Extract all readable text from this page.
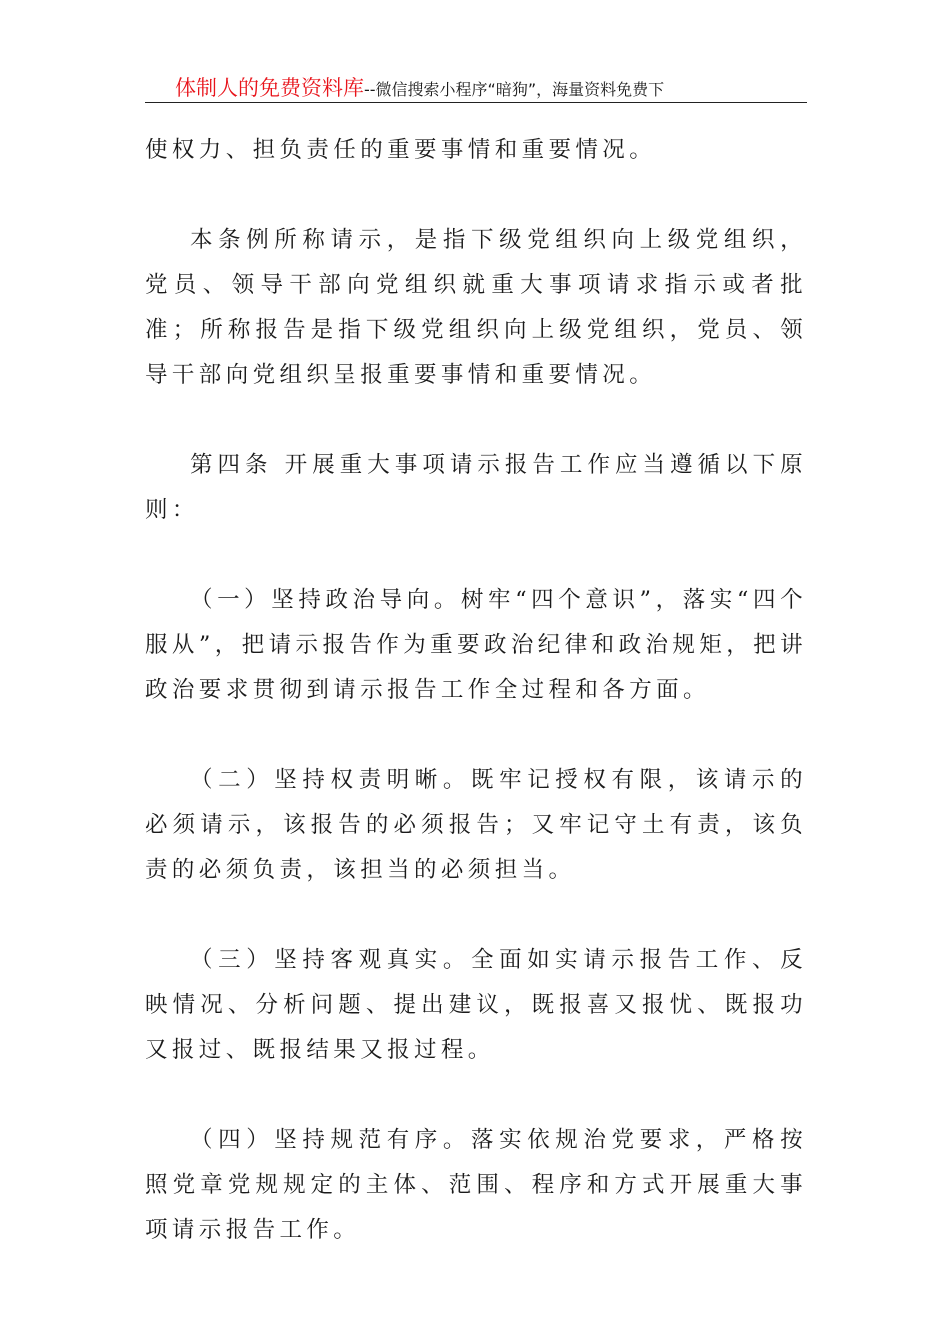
体制人的免费资料库--微信搜索小程序“暗狗”，海量资料免费下

使权力、担负责任的重要事情和重要情况。

本条例所称请示，是指下级党组织向上级党组织，党员、领导干部向党组织就重大事项请求指示或者批准；所称报告是指下级党组织向上级党组织，党员、领导干部向党组织呈报重要事情和重要情况。

第四条 开展重大事项请示报告工作应当遵循以下原则：

（一）坚持政治导向。树牢“四个意识”，落实“四个服从”，把请示报告作为重要政治纪律和政治规矩，把讲政治要求贯彻到请示报告工作全过程和各方面。

（二）坚持权责明晰。既牢记授权有限，该请示的必须请示，该报告的必须报告；又牢记守土有责，该负责的必须负责，该担当的必须担当。

（三）坚持客观真实。全面如实请示报告工作、反映情况、分析问题、提出建议，既报喜又报忧、既报功又报过、既报结果又报过程。

（四）坚持规范有序。落实依规治党要求，严格按照党章党规规定的主体、范围、程序和方式开展重大事项请示报告工作。
